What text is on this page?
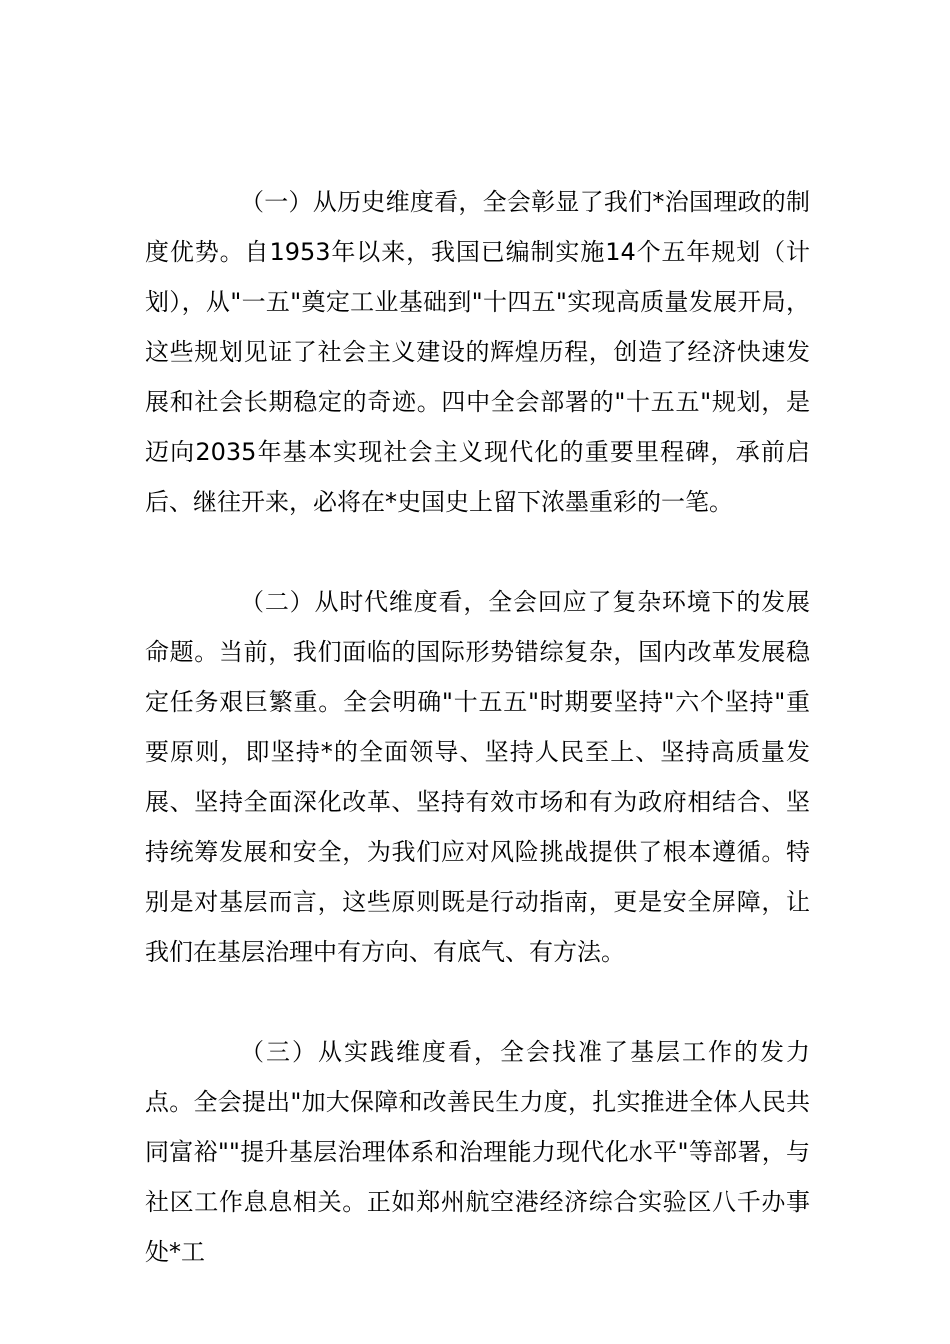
（一）从历史维度看，全会彰显了我们*治国理政的制度优势。自1953年以来，我国已编制实施14个五年规划（计划），从"一五"奠定工业基础到"十四五"实现高质量发展开局，这些规划见证了社会主义建设的辉煌历程，创造了经济快速发展和社会长期稳定的奇迹。四中全会部署的"十五五"规划，是迈向2035年基本实现社会主义现代化的重要里程碑，承前启后、继往开来，必将在*史国史上留下浓墨重彩的一笔。

（二）从时代维度看，全会回应了复杂环境下的发展命题。当前，我们面临的国际形势错综复杂，国内改革发展稳定任务艰巨繁重。全会明确"十五五"时期要坚持"六个坚持"重要原则，即坚持*的全面领导、坚持人民至上、坚持高质量发展、坚持全面深化改革、坚持有效市场和有为政府相结合、坚持统筹发展和安全，为我们应对风险挑战提供了根本遵循。特别是对基层而言，这些原则既是行动指南，更是安全屏障，让我们在基层治理中有方向、有底气、有方法。

（三）从实践维度看，全会找准了基层工作的发力点。全会提出"加大保障和改善民生力度，扎实推进全体人民共同富裕""提升基层治理体系和治理能力现代化水平"等部署，与社区工作息息相关。正如郑州航空港经济综合实验区八千办事处*工
